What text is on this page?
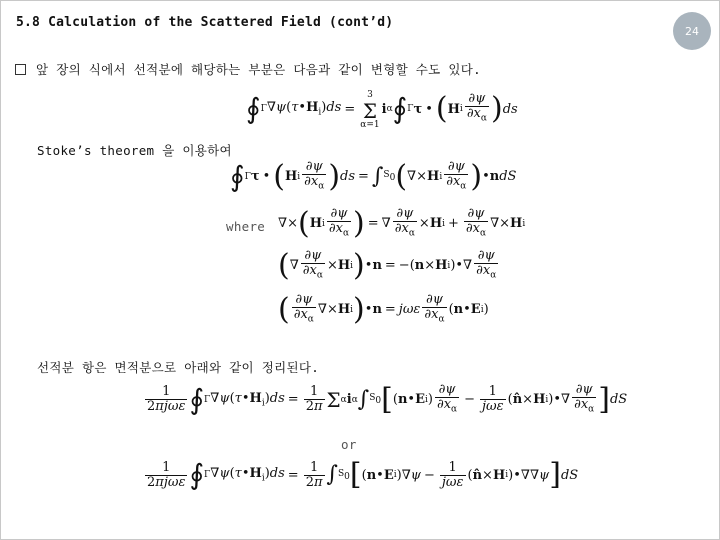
5.8 Calculation of the Scattered Field (cont’d)
24
앞 장의 식에서 선적분에 해당하는 부분은 다음과 같이 변형할 수도 있다.
∮ Γ $\nabla\psi(\tau•H_i)ds$ =
3
Σ
α=1
i α ∮ Γ τ • ( H i $\frac{\partial\psi}{\partial x_\alpha}$ ) ds
Stoke’s theorem 을 이용하여
∮ Γ τ • ( H i $\frac{\partial\psi}{\partial x_\alpha}$ ) ds = ∫ $S_0$ ( ∇× H i $\frac{\partial\psi}{\partial x_\alpha}$ ) • n dS
where ∇× ( H i $\frac{\partial\psi}{\partial x_\alpha}$ ) = ∇ $\frac{\partial\psi}{\partial x_\alpha} \times H$ $i + \frac{\partial\psi}{\partial x_\alpha}$ ∇× H i
( ∇ $\frac{\partial\psi}{\partial x_\alpha} \times H$ i ) • n = −( n × H i )•∇ $\frac{\partial\psi}{\partial x_\alpha}$
( $\frac{\partial\psi}{\partial x_\alpha}$ ∇× H i ) • n = jωε $\frac{\partial\psi}{\partial x_\alpha}$ ( n • E i )
선적분 항은 면적분으로 아래와 같이 정리된다.
$\frac{1}{\text{2πjωε}}$ ∮ Γ $\nabla\psi(\tau•H_i)ds = \frac{1}{2\pi}$ Σ α i α ∫ $S_0$ [ ( n • E i ) $\frac{\partial\psi}{\partial x_\alpha} - \frac{1}{\text{jωε}}$ ( n̂ × H i )•∇ $\frac{\partial\psi}{\partial x_\alpha}$ ] dS
or
$\frac{1}{\text{2πjωε}}$ ∮ Γ $\nabla\psi(\tau•H_i)ds = \frac{1}{2\pi}$ ∫ $S_0$ [ ( n • E i )∇ $\psi - \frac{1}{\text{jωε}}$ ( n̂ × H i )•∇∇ ψ ] dS
